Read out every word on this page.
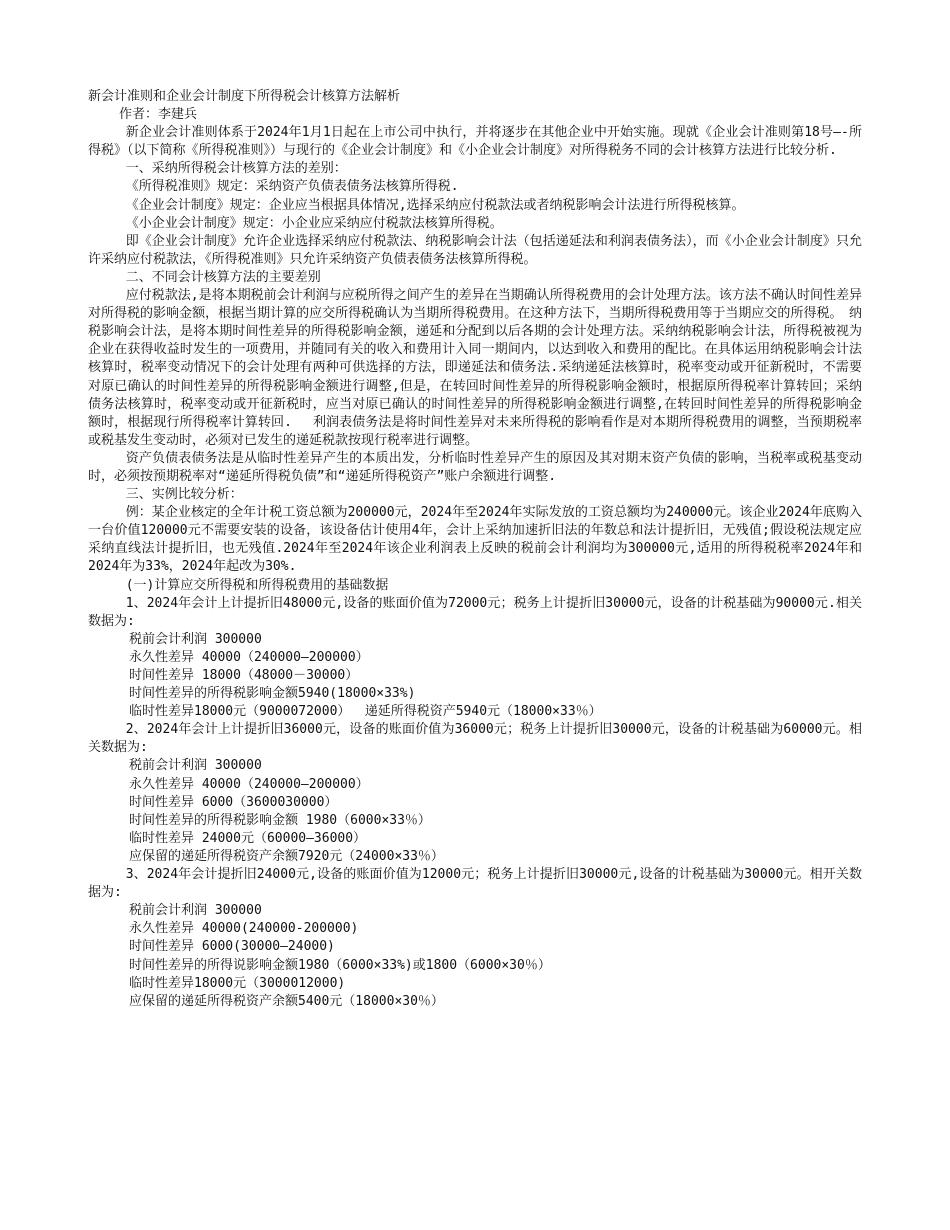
新会计准则和企业会计制度下所得税会计核算方法解析
作者：李建兵

新企业会计准则体系于2024年1月1日起在上市公司中执行，并将逐步在其他企业中开始实施。现就《企业会计准则第18号—-所得税》（以下简称《所得税准则》）与现行的《企业会计制度》和《小企业会计制度》对所得税务不同的会计核算方法进行比较分析.

一、采纳所得税会计核算方法的差别：

《所得税准则》规定：采纳资产负债表债务法核算所得税.

《企业会计制度》规定：企业应当根据具体情况,选择采纳应付税款法或者纳税影响会计法进行所得税核算。

《小企业会计制度》规定：小企业应采纳应付税款法核算所得税。

即《企业会计制度》允许企业选择采纳应付税款法、纳税影响会计法（包括递延法和利润表债务法），而《小企业会计制度》只允许采纳应付税款法，《所得税准则》只允许采纳资产负债表债务法核算所得税。

二、不同会计核算方法的主要差别

应付税款法,是将本期税前会计利润与应税所得之间产生的差异在当期确认所得税费用的会计处理方法。该方法不确认时间性差异对所得税的影响金额，根据当期计算的应交所得税确认为当期所得税费用。在这种方法下，当期所得税费用等于当期应交的所得税。　纳税影响会计法，是将本期时间性差异的所得税影响金额，递延和分配到以后各期的会计处理方法。采纳纳税影响会计法，所得税被视为企业在获得收益时发生的一项费用，并随同有关的收入和费用计入同一期间内，以达到收入和费用的配比。在具体运用纳税影响会计法核算时，税率变动情况下的会计处理有两种可供选择的方法，即递延法和债务法.采纳递延法核算时，税率变动或开征新税时，不需要对原已确认的时间性差异的所得税影响金额进行调整,但是，在转回时间性差异的所得税影响金额时，根据原所得税率计算转回；采纳债务法核算时，税率变动或开征新税时，应当对原已确认的时间性差异的所得税影响金额进行调整,在转回时间性差异的所得税影响金额时，根据现行所得税率计算转回.　 利润表债务法是将时间性差异对未来所得税的影响看作是对本期所得税费用的调整，当预期税率或税基发生变动时，必须对已发生的递延税款按现行税率进行调整。

资产负债表债务法是从临时性差异产生的本质出发，分析临时性差异产生的原因及其对期末资产负债的影响，当税率或税基变动时，必须按预期税率对“递延所得税负债”和“递延所得税资产”账户余额进行调整.

三、实例比较分析：

例：某企业核定的全年计税工资总额为200000元，2024年至2024年实际发放的工资总额均为240000元。该企业2024年底购入一台价值120000元不需要安装的设备，该设备估计使用4年，会计上采纳加速折旧法的年数总和法计提折旧，无残值;假设税法规定应采纳直线法计提折旧，也无残值.2024年至2024年该企业利润表上反映的税前会计利润均为300000元,适用的所得税税率2024年和2024年为33%，2024年起改为30%.

(一)计算应交所得税和所得税费用的基础数据

1、2024年会计上计提折旧48000元,设备的账面价值为72000元；税务上计提折旧30000元，设备的计税基础为90000元.相关数据为:

税前会计利润 300000
永久性差异 40000（240000—200000）
时间性差异 18000（48000－30000）
时间性差异的所得税影响金额5940(18000×33%)
临时性差异18000元（9000072000）　 递延所得税资产5940元（18000×33％）

2、2024年会计上计提折旧36000元，设备的账面价值为36000元；税务上计提折旧30000元，设备的计税基础为60000元。相关数据为:

税前会计利润 300000
永久性差异 40000（240000—200000）
时间性差异 6000（3600030000）
时间性差异的所得税影响金额 1980（6000×33％）
临时性差异 24000元（60000—36000）
应保留的递延所得税资产余额7920元（24000×33％）

3、2024年会计提折旧24000元,设备的账面价值为12000元；税务上计提折旧30000元,设备的计税基础为30000元。相开关数据为:

税前会计利润 300000
永久性差异 40000(240000-200000)
时间性差异 6000(30000—24000)
时间性差异的所得说影响金额1980（6000×33%)或1800（6000×30％）
临时性差异18000元（3000012000)
应保留的递延所得税资产余额5400元（18000×30％）
